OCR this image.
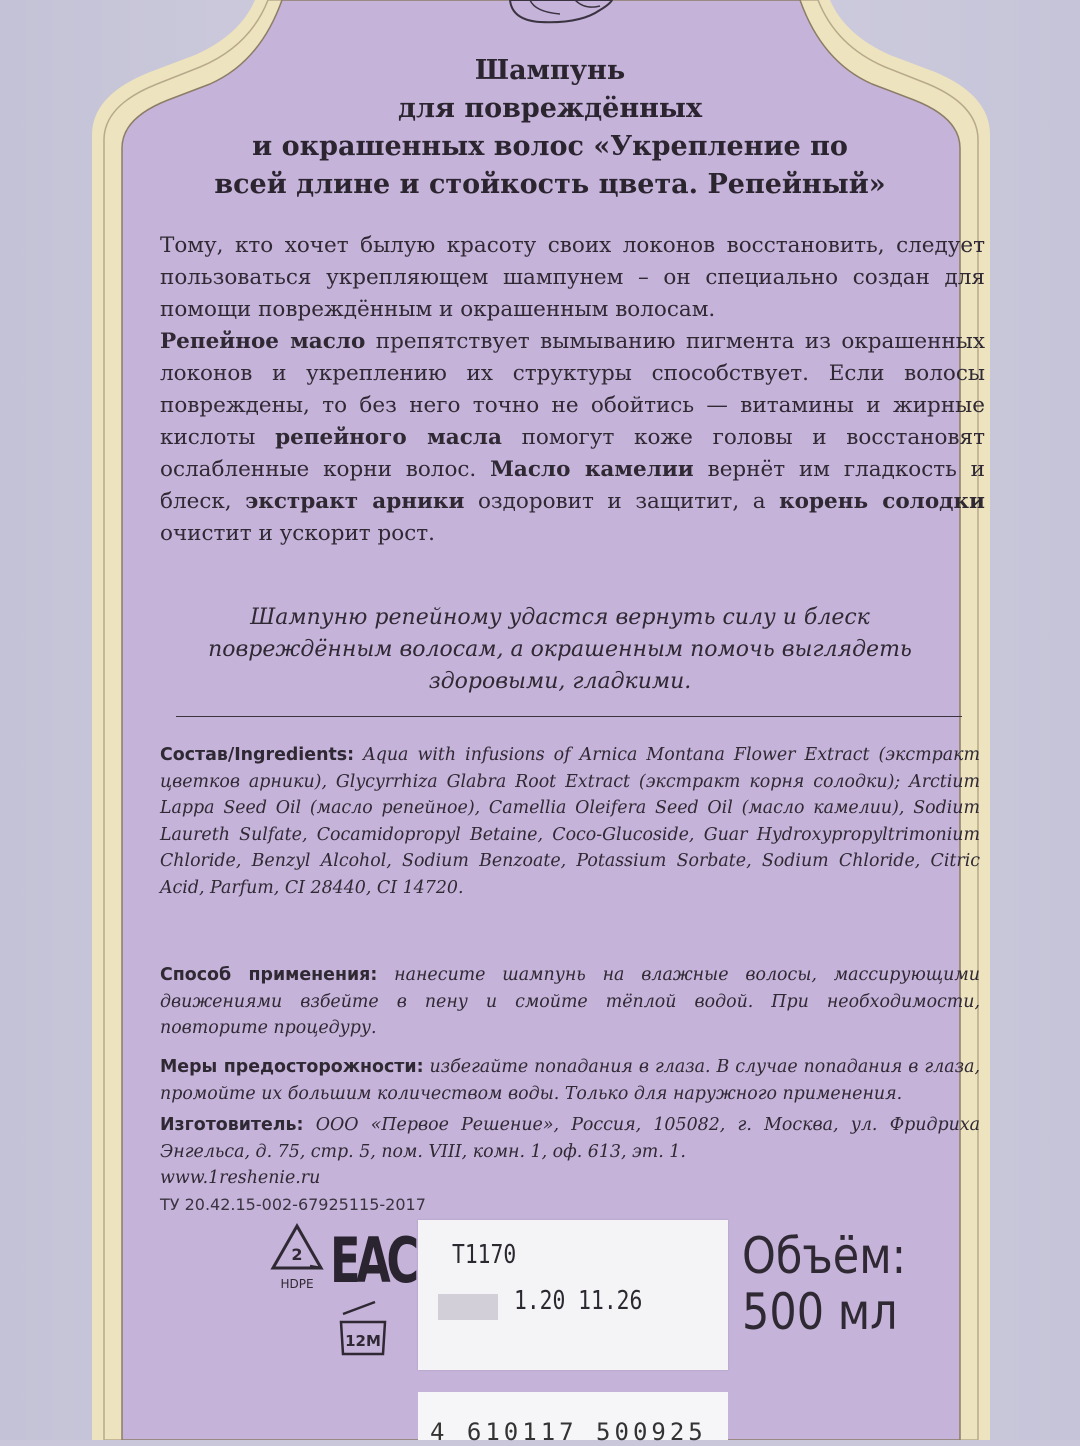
Шампунь
для повреждённых
и окрашенных волос «Укрепление по
всей длине и стойкость цвета. Репейный»
Тому, кто хочет былую красоту своих локонов восстановить, следует пользоваться укрепляющем шампунем – он специально создан для помощи повреждённым и окрашенным волосам.
Репейное масло препятствует вымыванию пигмента из окрашенных локонов и укреплению их структуры способствует. Если волосы повреждены, то без него точно не обойтись — витамины и жирные кислоты репейного масла помогут коже головы и восстановят ослабленные корни волос. Масло камелии вернёт им гладкость и блеск, экстракт арники оздоровит и защитит, а корень солодки очистит и ускорит рост.
Шампуню репейному удастся вернуть силу и блеск повреждённым волосам, а окрашенным помочь выглядеть здоровыми, гладкими.
Состав/Ingredients: Aqua with infusions of Arnica Montana Flower Extract (экстракт цветков арники), Glycyrrhiza Glabra Root Extract (экстракт корня солодки); Arctium Lappa Seed Oil (масло репейное), Camellia Oleifera Seed Oil (масло камелии), Sodium Laureth Sulfate, Cocamidopropyl Betaine, Coco-Glucoside, Guar Hydroxypropyltrimonium Chloride, Benzyl Alcohol, Sodium Benzoate, Potassium Sorbate, Sodium Chloride, Citric Acid, Parfum, CI 28440, CI 14720.
Способ применения: нанесите шампунь на влажные волосы, массирующими движениями взбейте в пену и смойте тёплой водой. При необходимости, повторите процедуру.
Меры предосторожности: избегайте попадания в глаза. В случае попадания в глаза, промойте их большим количеством воды. Только для наружного применения.
Изготовитель: ООО «Первое Решение», Россия, 105082, г. Москва, ул. Фридриха Энгельса, д. 75, стр. 5, пом. VIII, комн. 1, оф. 613, эт. 1.
www.1reshenie.ru
ТУ 20.42.15-002-67925115-2017
2
HDPE EAC
12M
T1170
1.20 11.26
Объём:
500 мл
4 610117 500925
